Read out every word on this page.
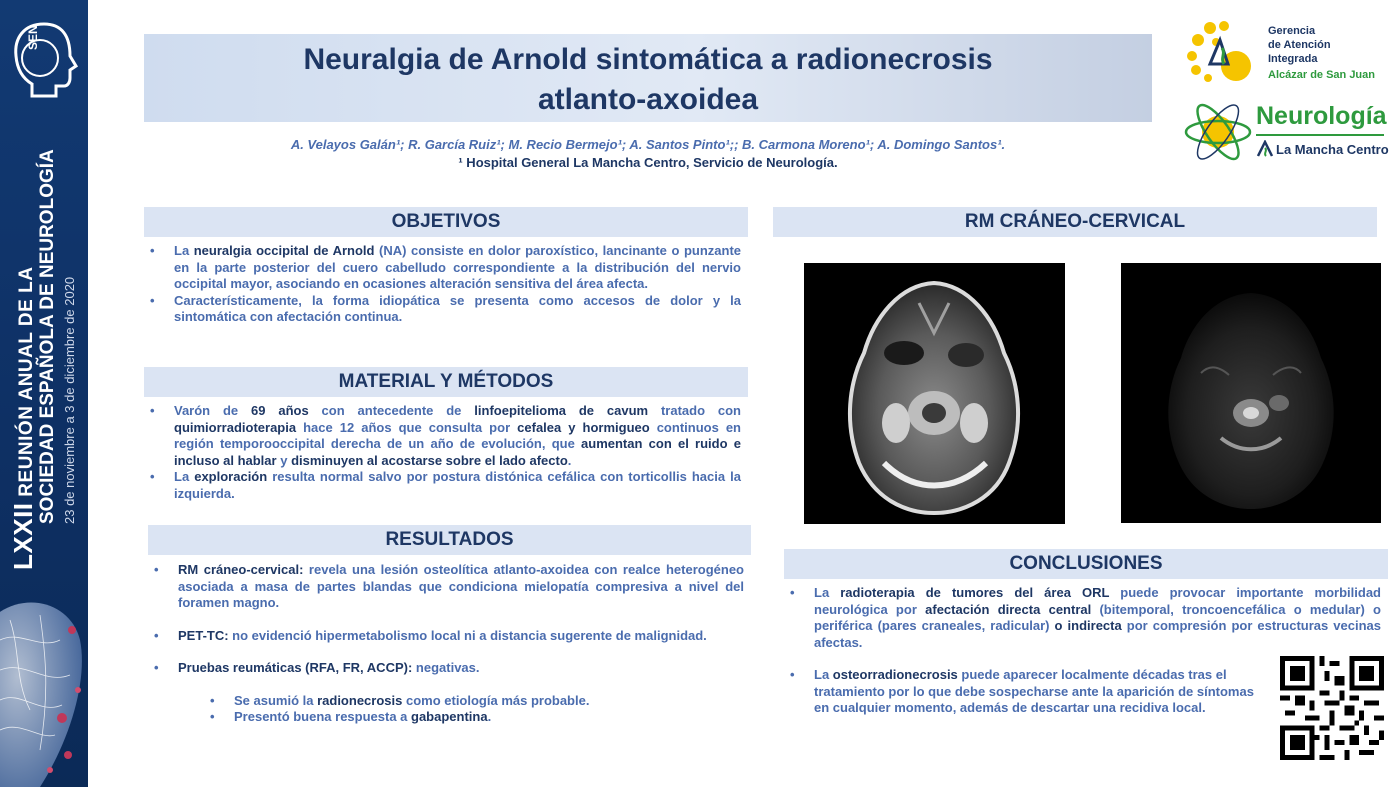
SEN
LXXII REUNIÓN ANUAL DE LA SOCIEDAD ESPAÑOLA DE NEUROLOGÍA 23 de noviembre a 3 de diciembre de 2020
Neuralgia de Arnold sintomática a radionecrosis atlanto-axoidea
A. Velayos Galán¹; R. García Ruiz¹; M. Recio Bermejo¹; A. Santos Pinto¹;; B. Carmona Moreno¹; A. Domingo Santos¹.
¹ Hospital General La Mancha Centro, Servicio de Neurología.
Gerencia
de Atención
Integrada
Alcázar de San Juan
Neurología
La Mancha Centro
OBJETIVOS
• La neuralgia occipital de Arnold (NA) consiste en dolor paroxístico, lancinante o punzante en la parte posterior del cuero cabelludo correspondiente a la distribución del nervio occipital mayor, asociando en ocasiones alteración sensitiva del área afecta.
• Característicamente, la forma idiopática se presenta como accesos de dolor y la sintomática con afectación continua.
MATERIAL Y MÉTODOS
• Varón de 69 años con antecedente de linfoepitelioma de cavum tratado con quimiorradioterapia hace 12 años que consulta por cefalea y hormigueo continuos en región temporooccipital derecha de un año de evolución, que aumentan con el ruido e incluso al hablar y disminuyen al acostarse sobre el lado afecto.
• La exploración resulta normal salvo por postura distónica cefálica con torticollis hacia la izquierda.
RESULTADOS
• RM cráneo-cervical: revela una lesión osteolítica atlanto-axoidea con realce heterogéneo asociada a masa de partes blandas que condiciona mielopatía compresiva a nivel del foramen magno.
• PET-TC: no evidenció hipermetabolismo local ni a distancia sugerente de malignidad.
• Pruebas reumáticas (RFA, FR, ACCP): negativas.
• Se asumió la radionecrosis como etiología más probable.
• Presentó buena respuesta a gabapentina.
RM CRÁNEO-CERVICAL
CONCLUSIONES
• La radioterapia de tumores del área ORL puede provocar importante morbilidad neurológica por afectación directa central (bitemporal, troncoencefálica o medular) o periférica (pares craneales, radicular) o indirecta por compresión por estructuras vecinas afectas.
• La osteorradionecrosis puede aparecer localmente décadas tras el tratamiento por lo que debe sospecharse ante la aparición de síntomas en cualquier momento, además de descartar una recidiva local.
